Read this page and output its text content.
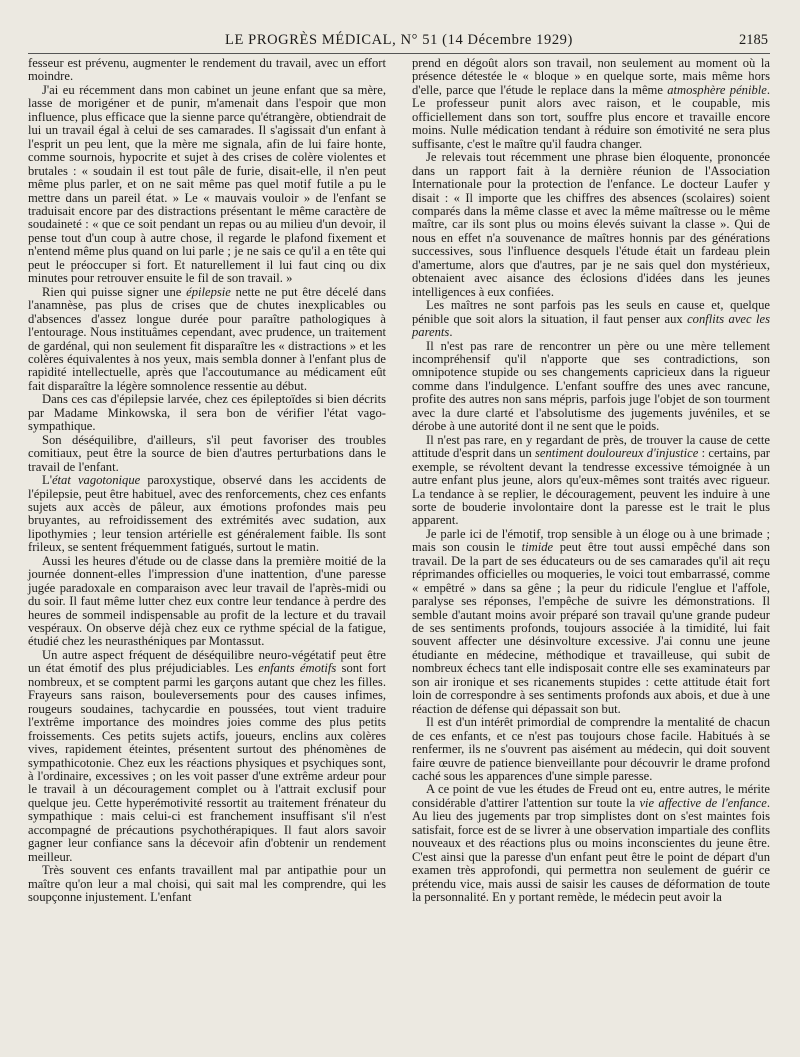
LE PROGRÈS MÉDICAL, N° 51 (14 Décembre 1929)	2185

fesseur est prévenu, augmenter le rendement du travail, avec un effort moindre.

J'ai eu récemment dans mon cabinet un jeune enfant que sa mère, lasse de morigéner et de punir, m'amenait dans l'espoir que mon influence, plus efficace que la sienne parce qu'étrangère, obtiendrait de lui un travail égal à celui de ses camarades. Il s'agissait d'un enfant à l'esprit un peu lent, que la mère me signala, afin de lui faire honte, comme sournois, hypocrite et sujet à des crises de colère violentes et brutales : « soudain il est tout pâle de furie, disait-elle, il n'en peut même plus parler, et on ne sait même pas quel motif futile a pu le mettre dans un pareil état. » Le « mauvais vouloir » de l'enfant se traduisait encore par des distractions présentant le même caractère de soudaineté : « que ce soit pendant un repas ou au milieu d'un devoir, il pense tout d'un coup à autre chose, il regarde le plafond fixement et n'entend même plus quand on lui parle ; je ne sais ce qu'il a en tête qui peut le préoccuper si fort. Et naturellement il lui faut cinq ou dix minutes pour retrouver ensuite le fil de son travail. »

Rien qui puisse signer une épilepsie nette ne put être décelé dans l'anamnèse, pas plus de crises que de chutes inexplicables ou d'absences d'assez longue durée pour paraître pathologiques à l'entourage. Nous instituâmes cependant, avec prudence, un traitement de gardénal, qui non seulement fit disparaître les « distractions » et les colères équivalentes à nos yeux, mais sembla donner à l'enfant plus de rapidité intellectuelle, après que l'accoutumance au médicament eût fait disparaître la légère somnolence ressentie au début.

Dans ces cas d'épilepsie larvée, chez ces épileptoïdes si bien décrits par Madame Minkowska, il sera bon de vérifier l'état vago-sympathique.

Son déséquilibre, d'ailleurs, s'il peut favoriser des troubles comitiaux, peut être la source de bien d'autres perturbations dans le travail de l'enfant.

L'état vagotonique paroxystique, observé dans les accidents de l'épilepsie, peut être habituel, avec des renforcements, chez ces enfants sujets aux accès de pâleur, aux émotions profondes mais peu bruyantes, au refroidissement des extrémités avec sudation, aux lipothymies ; leur tension artérielle est généralement faible. Ils sont frileux, se sentent fréquemment fatigués, surtout le matin.

Aussi les heures d'étude ou de classe dans la première moitié de la journée donnent-elles l'impression d'une inattention, d'une paresse jugée paradoxale en comparaison avec leur travail de l'après-midi ou du soir. Il faut même lutter chez eux contre leur tendance à perdre des heures de sommeil indispensable au profit de la lecture et du travail vespéraux. On observe déjà chez eux ce rythme spécial de la fatigue, étudié chez les neurasthéniques par Montassut.

Un autre aspect fréquent de déséquilibre neuro-végétatif peut être un état émotif des plus préjudiciables. Les enfants émotifs sont fort nombreux, et se comptent parmi les garçons autant que chez les filles. Frayeurs sans raison, bouleversements pour des causes infimes, rougeurs soudaines, tachycardie en poussées, tout vient traduire l'extrême importance des moindres joies comme des plus petits froissements. Ces petits sujets actifs, joueurs, enclins aux colères vives, rapidement éteintes, présentent surtout des phénomènes de sympathicotonie. Chez eux les réactions physiques et psychiques sont, à l'ordinaire, excessives ; on les voit passer d'une extrême ardeur pour le travail à un découragement complet ou à l'attrait exclusif pour quelque jeu. Cette hyperémotivité ressortit au traitement frénateur du sympathique : mais celui-ci est franchement insuffisant s'il n'est accompagné de précautions psychothérapiques. Il faut alors savoir gagner leur confiance sans la décevoir afin d'obtenir un rendement meilleur.

Très souvent ces enfants travaillent mal par antipathie pour un maître qu'on leur a mal choisi, qui sait mal les comprendre, qui les soupçonne injustement. L'enfant

prend en dégoût alors son travail, non seulement au moment où la présence détestée le « bloque » en quelque sorte, mais même hors d'elle, parce que l'étude le replace dans la même atmosphère pénible. Le professeur punit alors avec raison, et le coupable, mis officiellement dans son tort, souffre plus encore et travaille encore moins. Nulle médication tendant à réduire son émotivité ne sera plus suffisante, c'est le maître qu'il faudra changer.

Je relevais tout récemment une phrase bien éloquente, prononcée dans un rapport fait à la dernière réunion de l'Association Internationale pour la protection de l'enfance. Le docteur Laufer y disait : « Il importe que les chiffres des absences (scolaires) soient comparés dans la même classe et avec la même maîtresse ou le même maître, car ils sont plus ou moins élevés suivant la classe ». Qui de nous en effet n'a souvenance de maîtres honnis par des générations successives, sous l'influence desquels l'étude était un fardeau plein d'amertume, alors que d'autres, par je ne sais quel don mystérieux, obtenaient avec aisance des éclosions d'idées dans les jeunes intelligences à eux confiées.

Les maîtres ne sont parfois pas les seuls en cause et, quelque pénible que soit alors la situation, il faut penser aux conflits avec les parents.

Il n'est pas rare de rencontrer un père ou une mère tellement incompréhensif qu'il n'apporte que ses contradictions, son omnipotence stupide ou ses changements capricieux dans la rigueur comme dans l'indulgence. L'enfant souffre des unes avec rancune, profite des autres non sans mépris, parfois juge l'objet de son tourment avec la dure clarté et l'absolutisme des jugements juvéniles, et se dérobe à une autorité dont il ne sent que le poids.

Il n'est pas rare, en y regardant de près, de trouver la cause de cette attitude d'esprit dans un sentiment douloureux d'injustice : certains, par exemple, se révoltent devant la tendresse excessive témoignée à un autre enfant plus jeune, alors qu'eux-mêmes sont traités avec rigueur. La tendance à se replier, le découragement, peuvent les induire à une sorte de bouderie involontaire dont la paresse est le trait le plus apparent.

Je parle ici de l'émotif, trop sensible à un éloge ou à une brimade ; mais son cousin le timide peut être tout aussi empêché dans son travail. De la part de ses éducateurs ou de ses camarades qu'il ait reçu réprimandes officielles ou moqueries, le voici tout embarrassé, comme « empêtré » dans sa gêne ; la peur du ridicule l'englue et l'affole, paralyse ses réponses, l'empêche de suivre les démonstrations. Il semble d'autant moins avoir préparé son travail qu'une grande pudeur de ses sentiments profonds, toujours associée à la timidité, lui fait souvent affecter une désinvolture excessive. J'ai connu une jeune étudiante en médecine, méthodique et travailleuse, qui subit de nombreux échecs tant elle indisposait contre elle ses examinateurs par son air ironique et ses ricanements stupides : cette attitude était fort loin de correspondre à ses sentiments profonds aux abois, et due à une réaction de défense qui dépassait son but.

Il est d'un intérêt primordial de comprendre la mentalité de chacun de ces enfants, et ce n'est pas toujours chose facile. Habitués à se renfermer, ils ne s'ouvrent pas aisément au médecin, qui doit souvent faire œuvre de patience bienveillante pour découvrir le drame profond caché sous les apparences d'une simple paresse.

A ce point de vue les études de Freud ont eu, entre autres, le mérite considérable d'attirer l'attention sur toute la vie affective de l'enfance. Au lieu des jugements par trop simplistes dont on s'est maintes fois satisfait, force est de se livrer à une observation impartiale des conflits nouveaux et des réactions plus ou moins inconscientes du jeune être. C'est ainsi que la paresse d'un enfant peut être le point de départ d'un examen très approfondi, qui permettra non seulement de guérir ce prétendu vice, mais aussi de saisir les causes de déformation de toute la personnalité. En y portant remède, le médecin peut avoir la
